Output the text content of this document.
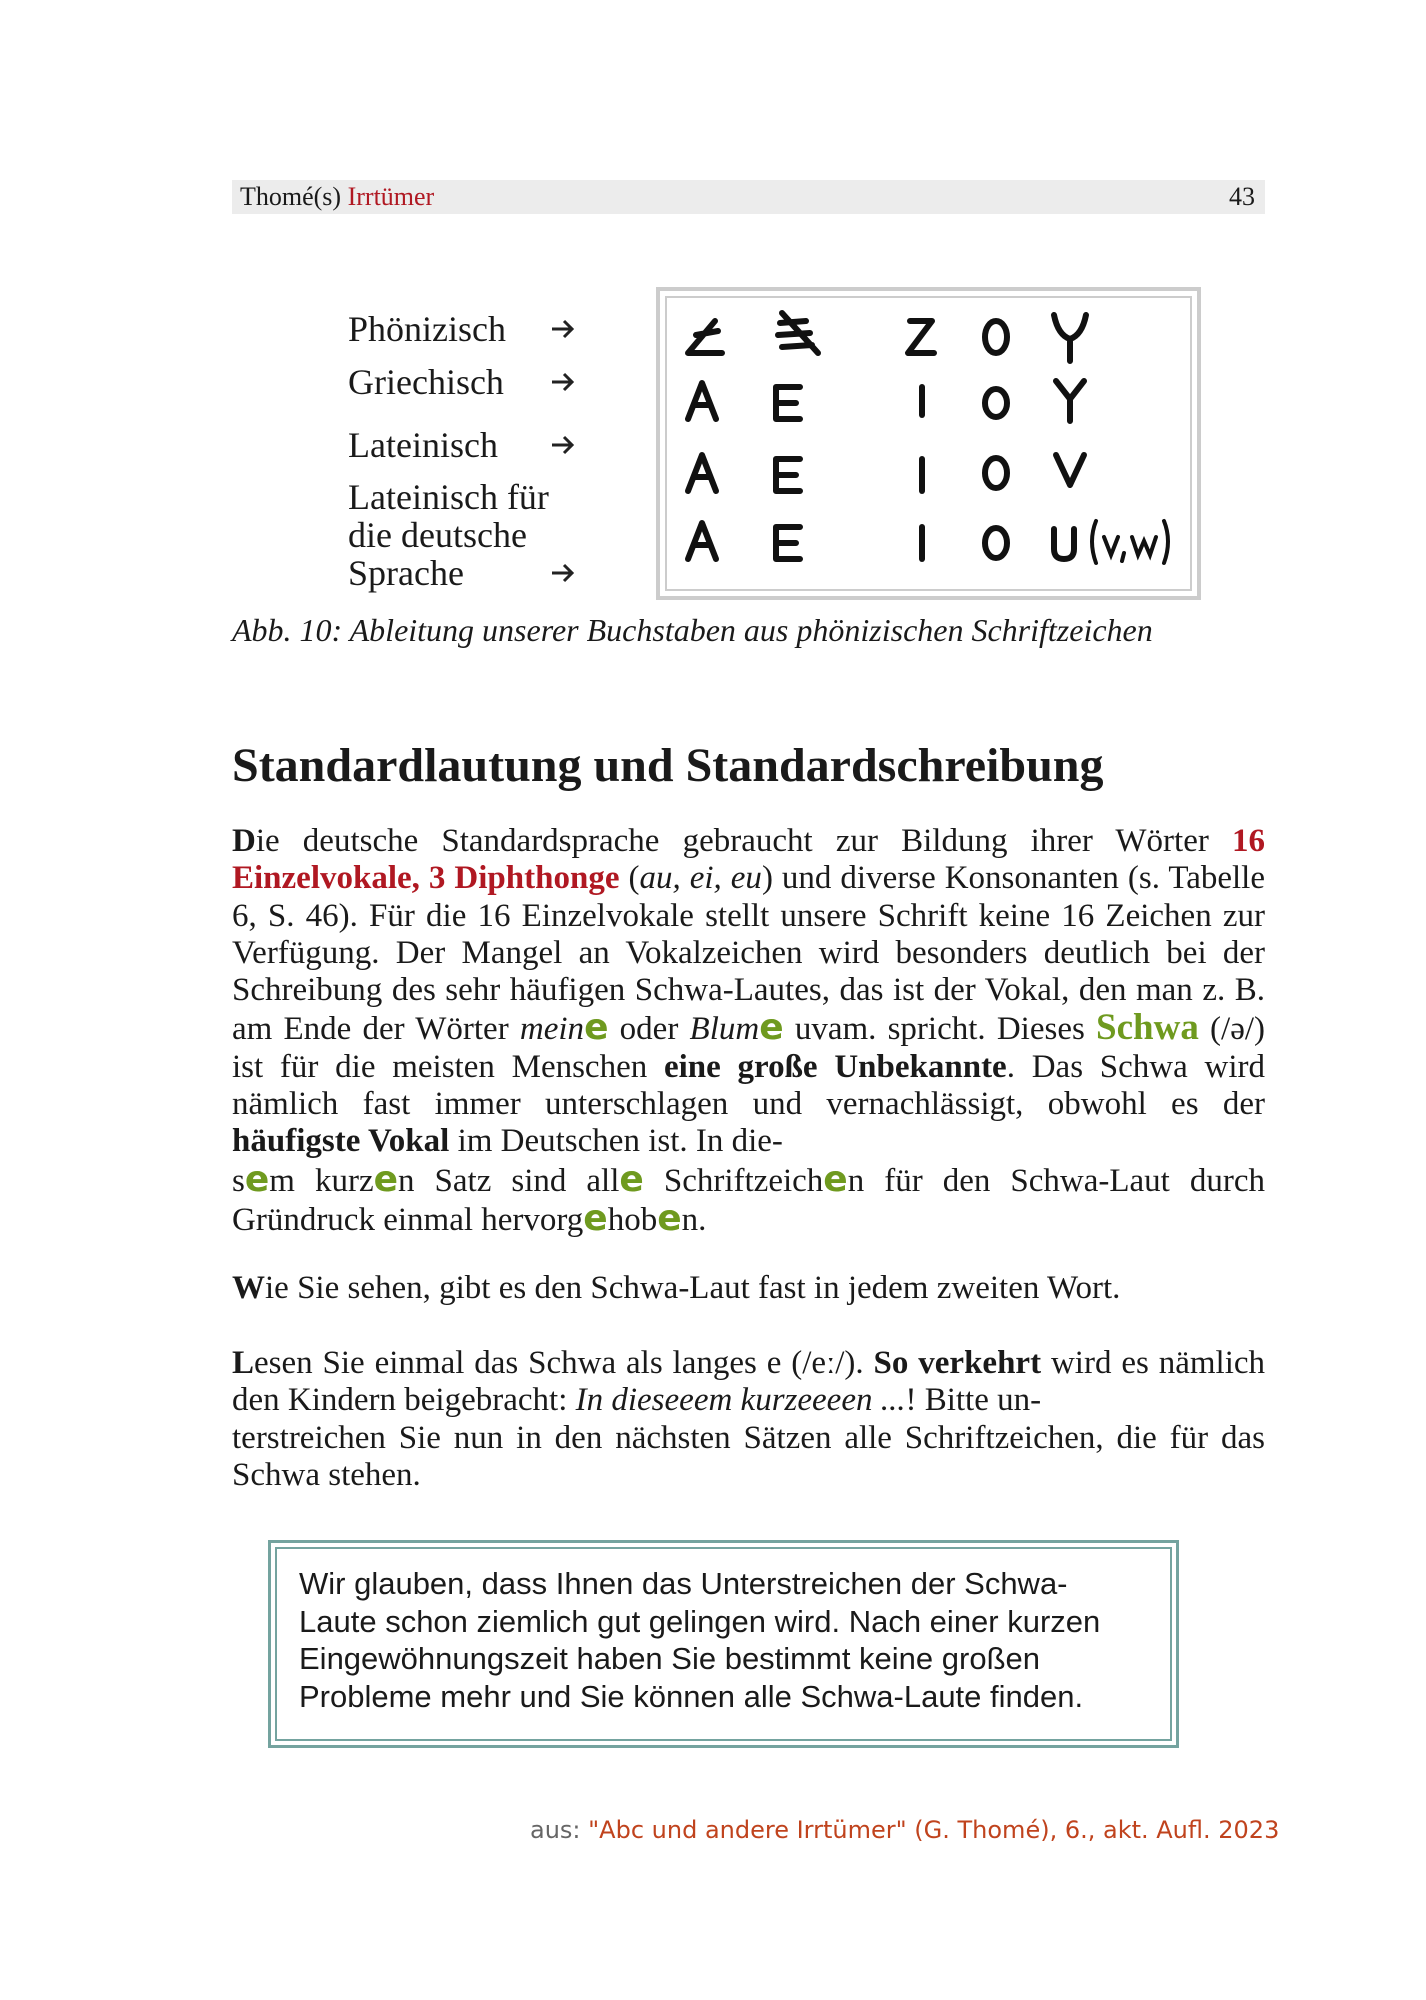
Thomé(s) Irrtümer	43
Phönizisch
Griechisch
Lateinisch
Lateinisch für
die deutsche
Sprache
Abb. 10: Ableitung unserer Buchstaben aus phönizischen Schriftzeichen
Standardlautung und Standardschreibung

Die deutsche Standardsprache gebraucht zur Bildung ihrer Wörter 16 Einzelvokale, 3 Diphthonge (au, ei, eu) und diverse Konsonanten (s. Tabelle 6, S. 46). Für die 16 Einzelvokale stellt unsere Schrift keine 16 Zeichen zur Verfügung. Der Mangel an Vokalzeichen wird besonders deutlich bei der Schreibung des sehr häufigen Schwa-Lautes, das ist der Vokal, den man z. B. am Ende der Wörter meine oder Blume uvam. spricht. Dieses Schwa (/ə/) ist für die meisten Menschen eine große Unbekannte. Das Schwa wird nämlich fast immer unterschlagen und vernachlässigt, obwohl es der häufigste Vokal im Deutschen ist. In die-
sem kurzen Satz sind alle Schriftzeichen für den Schwa-Laut durch Gründruck einmal hervorgehoben.

Wie Sie sehen, gibt es den Schwa-Laut fast in jedem zweiten Wort.

Lesen Sie einmal das Schwa als langes e (/eː/). So verkehrt wird es nämlich den Kindern beigebracht: In dieseeem kurzeeeen ...! Bitte un-
terstreichen Sie nun in den nächsten Sätzen alle Schriftzeichen, die für das Schwa stehen.

Wir glauben, dass Ihnen das Unterstreichen der Schwa-
Laute schon ziemlich gut gelingen wird. Nach einer kurzen
Eingewöhnungszeit haben Sie bestimmt keine großen
Probleme mehr und Sie können alle Schwa-Laute finden.

aus: "Abc und andere Irrtümer" (G. Thomé), 6., akt. Aufl. 2023
